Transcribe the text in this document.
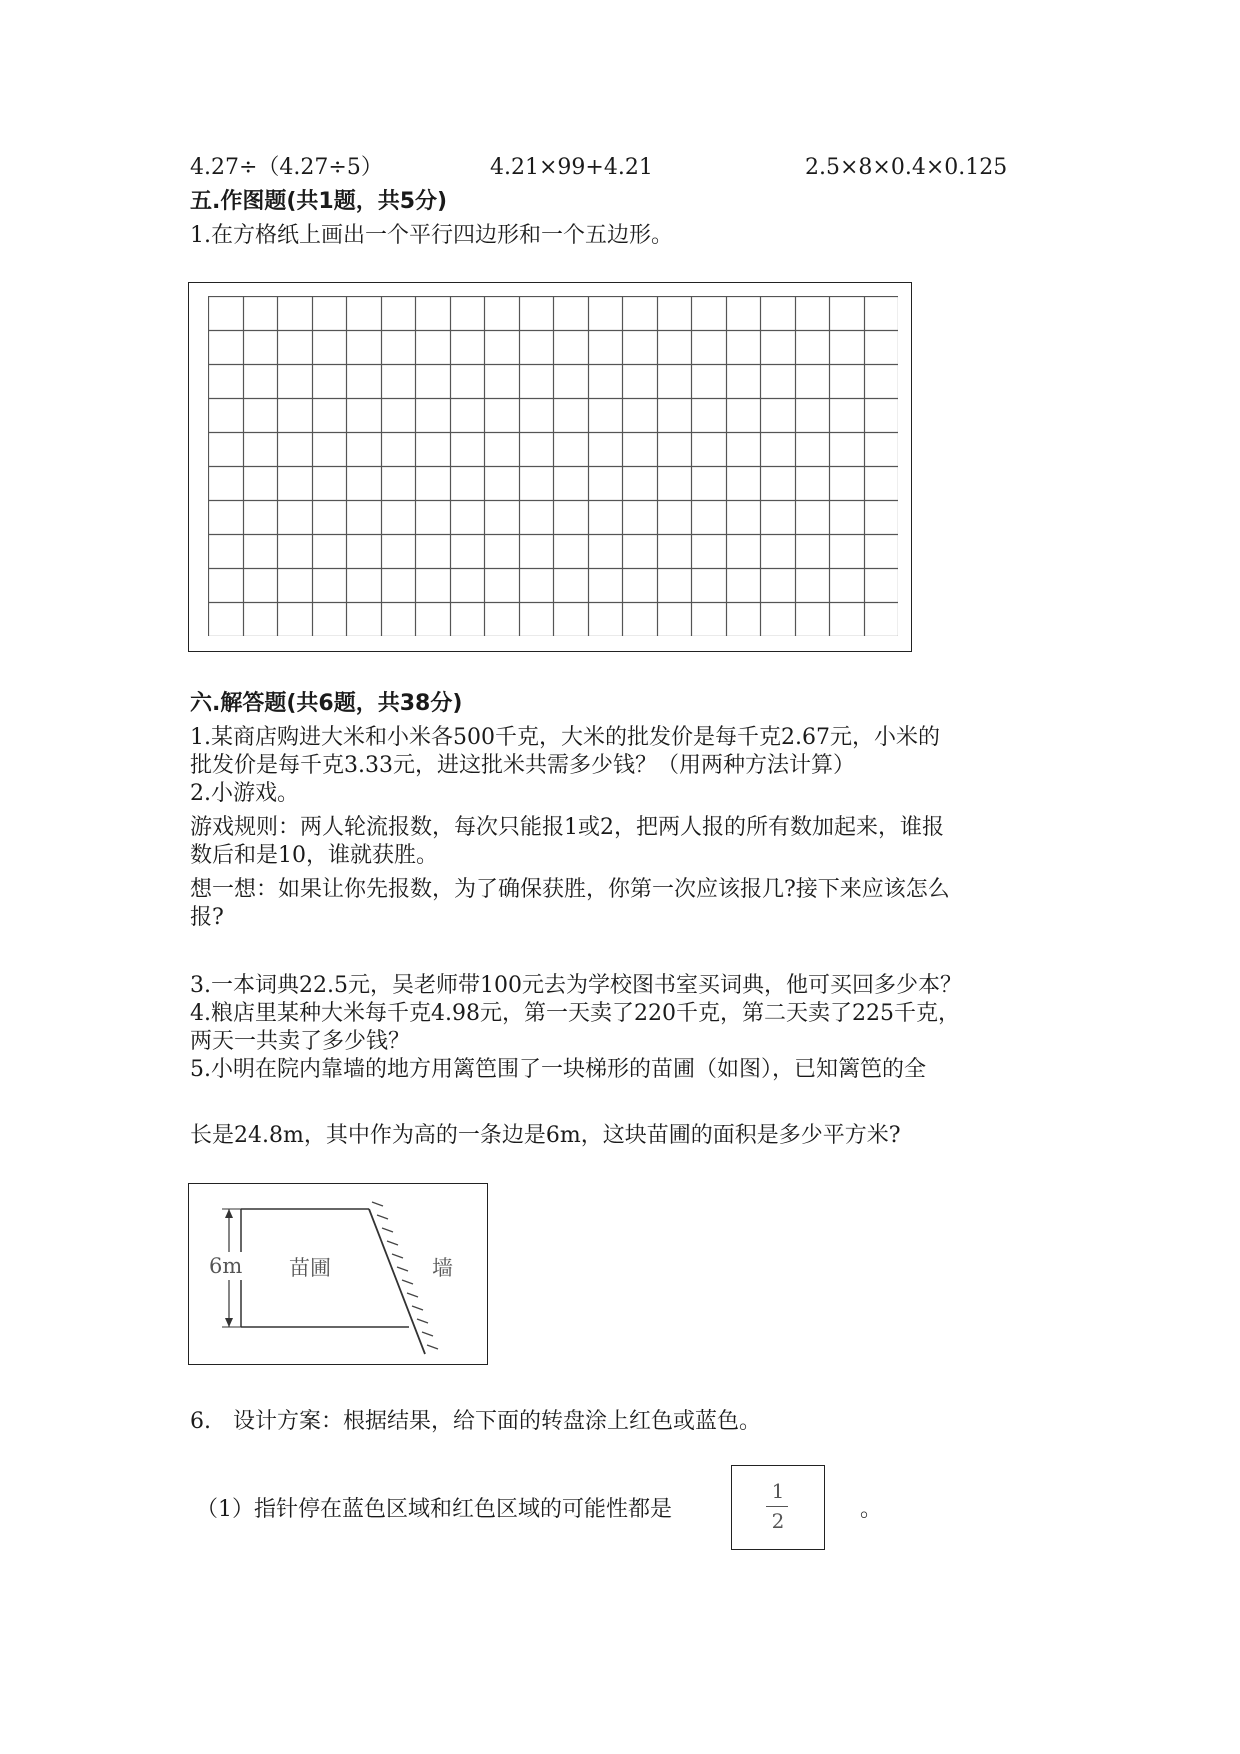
4.27÷（4.27÷5）	4.21×99+4.21	2.5×8×0.4×0.125
五.作图题(共1题，共5分)
1.在方格纸上画出一个平行四边形和一个五边形。
六.解答题(共6题，共38分)
1.某商店购进大米和小米各500千克，大米的批发价是每千克2.67元，小米的
批发价是每千克3.33元，进这批米共需多少钱？（用两种方法计算）
2.小游戏。
游戏规则：两人轮流报数，每次只能报1或2，把两人报的所有数加起来，谁报
数后和是10，谁就获胜。
想一想：如果让你先报数，为了确保获胜，你第一次应该报几?接下来应该怎么
报?
3.一本词典22.5元，吴老师带100元去为学校图书室买词典，他可买回多少本？
4.粮店里某种大米每千克4.98元，第一天卖了220千克，第二天卖了225千克，
两天一共卖了多少钱？
5.小明在院内靠墙的地方用篱笆围了一块梯形的苗圃（如图），已知篱笆的全
长是24.8m，其中作为高的一条边是6m，这块苗圃的面积是多少平方米?
6m 苗圃	墙
6.　设计方案：根据结果，给下面的转盘涂上红色或蓝色。
（1）指针停在蓝色区域和红色区域的可能性都是
1
2	。
